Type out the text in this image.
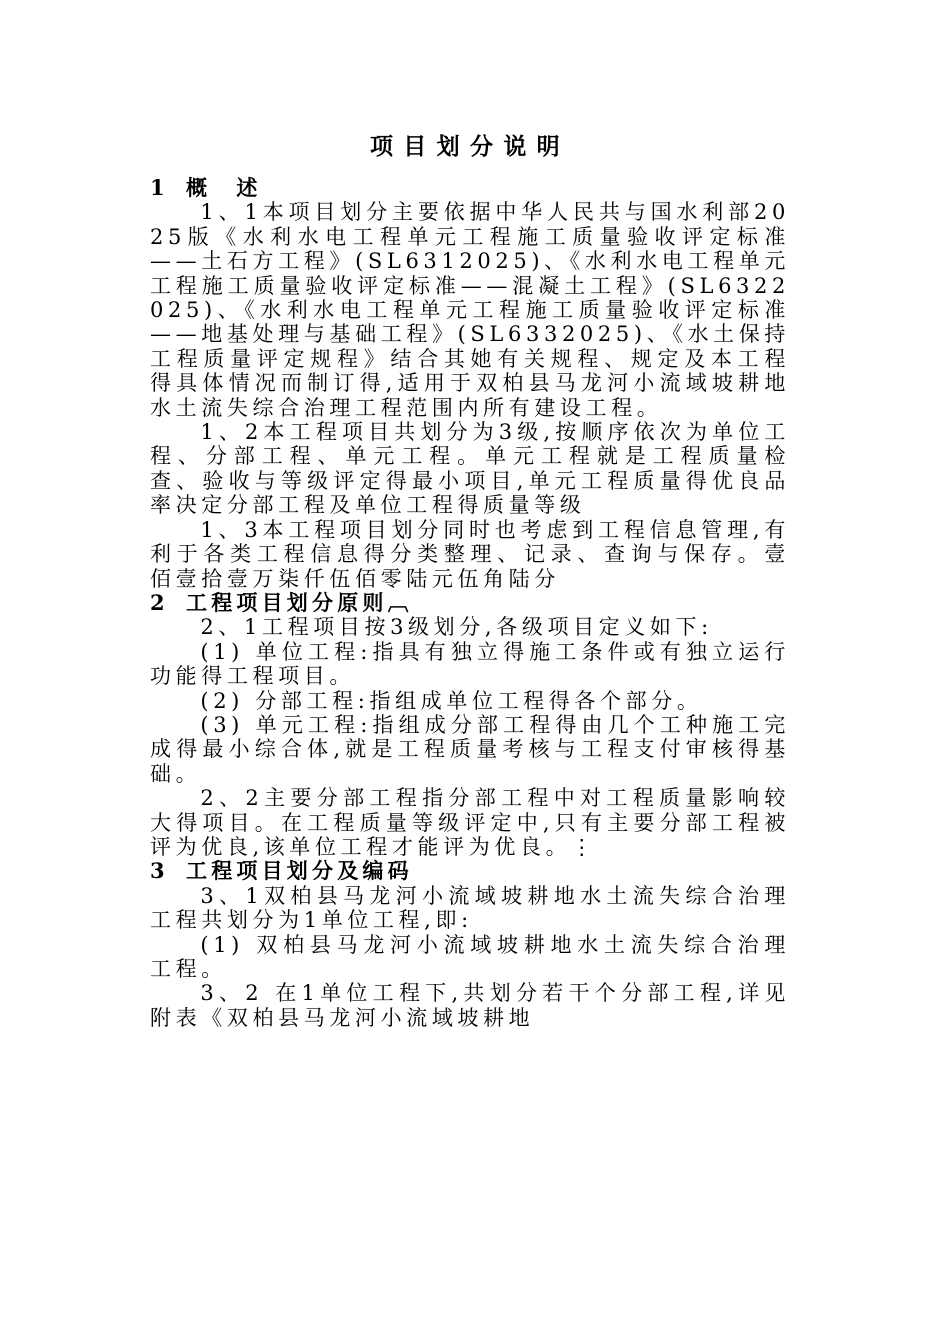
项目划分说明

1 概　述

1、1本项目划分主要依据中华人民共与国水利部2025版《水利水电工程单元工程施工质量验收评定标准——土石方工程》(SL6312025)、《水利水电工程单元工程施工质量验收评定标准——混凝土工程》(SL6322025)、《水利水电工程单元工程施工质量验收评定标准——地基处理与基础工程》(SL6332025)、《水土保持工程质量评定规程》结合其她有关规程、规定及本工程得具体情况而制订得,适用于双柏县马龙河小流域坡耕地水土流失综合治理工程范围内所有建设工程。

1、2本工程项目共划分为3级,按顺序依次为单位工程、分部工程、单元工程。单元工程就是工程质量检查、验收与等级评定得最小项目,单元工程质量得优良品率决定分部工程及单位工程得质量等级

1、3本工程项目划分同时也考虑到工程信息管理,有利于各类工程信息得分类整理、记录、查询与保存。壹佰壹拾壹万柒仟伍佰零陆元伍角陆分

2 工程项目划分原则︹

2、1工程项目按3级划分,各级项目定义如下:

(1) 单位工程:指具有独立得施工条件或有独立运行功能得工程项目。

(2) 分部工程:指组成单位工程得各个部分。

(3) 单元工程:指组成分部工程得由几个工种施工完成得最小综合体,就是工程质量考核与工程支付审核得基础。

2、2主要分部工程指分部工程中对工程质量影响较大得项目。在工程质量等级评定中,只有主要分部工程被评为优良,该单位工程才能评为优良。⋮

3 工程项目划分及编码

3、1双柏县马龙河小流域坡耕地水土流失综合治理工程共划分为1单位工程,即:

(1) 双柏县马龙河小流域坡耕地水土流失综合治理工程。

3、2 在1单位工程下,共划分若干个分部工程,详见附表《双柏县马龙河小流域坡耕地
